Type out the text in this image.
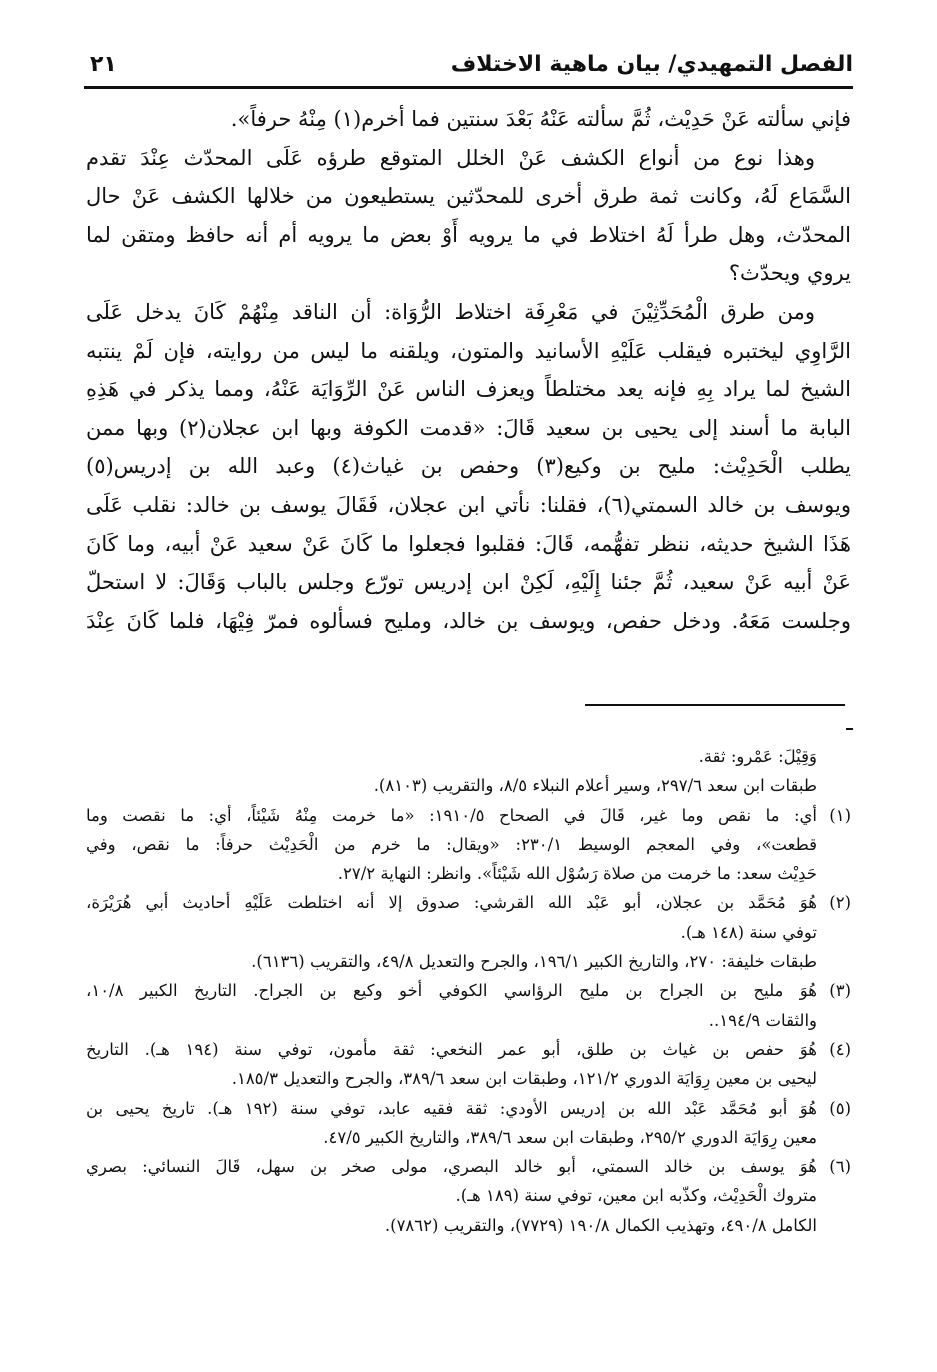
الفصل التمهيدي/ بيان ماهية الاختلاف
٢١
فإني سألته عَنْ حَدِيْث، ثُمَّ سألته عَنْهُ بَعْدَ سنتين فما أخرم(١) مِنْهُ حرفاً».
وهذا نوع من أنواع الكشف عَنْ الخلل المتوقع طرؤه عَلَى المحدّث عِنْدَ تقدم
السَّمَاع لَهُ، وكانت ثمة طرق أخرى للمحدّثين يستطيعون من خلالها الكشف عَنْ حال
المحدّث، وهل طرأ لَهُ اختلاط في ما يرويه أَوْ بعض ما يرويه أم أنه حافظ ومتقن لما
يروي ويحدّث؟
ومن طرق الْمُحَدِّثِيْنَ في مَعْرِفَة اختلاط الرُّوَاة: أن الناقد مِنْهُمْ كَانَ يدخل عَلَى
الرَّاوِي ليختبره فيقلب عَلَيْهِ الأسانيد والمتون، ويلقنه ما ليس من روايته، فإن لَمْ ينتبه
الشيخ لما يراد بِهِ فإنه يعد مختلطاً ويعزف الناس عَنْ الرِّوَايَة عَنْهُ، ومما يذكر في هَذِهِ
البابة ما أسند إلى يحيى بن سعيد قَالَ: «قدمت الكوفة وبها ابن عجلان(٢) وبها ممن
يطلب الْحَدِيْث: مليح بن وكيع(٣) وحفص بن غياث(٤) وعبد الله بن إدريس(٥)
ويوسف بن خالد السمتي(٦)، فقلنا: نأتي ابن عجلان، فَقَالَ يوسف بن خالد: نقلب عَلَى
هَذَا الشيخ حديثه، ننظر تفهُّمه، قَالَ: فقلبوا فجعلوا ما كَانَ عَنْ سعيد عَنْ أبيه، وما كَانَ
عَنْ أبيه عَنْ سعيد، ثُمَّ جئنا إِلَيْهِ، لَكِنْ ابن إدريس تورّع وجلس بالباب وَقَالَ: لا استحلّ
وجلست مَعَهُ. ودخل حفص، ويوسف بن خالد، ومليح فسألوه فمرّ فِيْهَا، فلما كَانَ عِنْدَ
وَقِيْلَ: عَمْرو: ثقة.
طبقات ابن سعد ٢٩٧/٦، وسير أعلام النبلاء ٨/٥، والتقريب (٨١٠٣).
(١)أي: ما نقص وما غير، قَالَ في الصحاح ١٩١٠/٥: «ما خرمت مِنْهُ شَيْئاً، أي: ما نقصت وما
قطعت»، وفي المعجم الوسيط ٢٣٠/١: «ويقال: ما خرم من الْحَدِيْث حرفاً: ما نقص، وفي
حَدِيْث سعد: ما خرمت من صلاة رَسُوْل الله شَيْئاً». وانظر: النهاية ٢٧/٢.
(٢)هُوَ مُحَمَّد بن عجلان، أبو عَبْد الله القرشي: صدوق إلا أنه اختلطت عَلَيْهِ أحاديث أبي هُرَيْرَة،
توفي سنة (١٤٨ هـ).
طبقات خليفة: ٢٧٠، والتاريخ الكبير ١٩٦/١، والجرح والتعديل ٤٩/٨، والتقريب (٦١٣٦).
(٣)هُوَ مليح بن الجراح بن مليح الرؤاسي الكوفي أخو وكيع بن الجراح. التاريخ الكبير ١٠/٨،
والثقات ١٩٤/٩..
(٤)هُوَ حفص بن غياث بن طلق، أبو عمر النخعي: ثقة مأمون، توفي سنة (١٩٤ هـ). التاريخ
ليحيى بن معين رِوَايَة الدوري ١٢١/٢، وطبقات ابن سعد ٣٨٩/٦، والجرح والتعديل ١٨٥/٣.
(٥)هُوَ أبو مُحَمَّد عَبْد الله بن إدريس الأودي: ثقة فقيه عابد، توفي سنة (١٩٢ هـ). تاريخ يحيى بن
معين رِوَايَة الدوري ٢٩٥/٢، وطبقات ابن سعد ٣٨٩/٦، والتاريخ الكبير ٤٧/٥.
(٦)هُوَ يوسف بن خالد السمتي، أبو خالد البصري، مولى صخر بن سهل، قَالَ النسائي: بصري
متروك الْحَدِيْث، وكذّبه ابن معين، توفي سنة (١٨٩ هـ).
الكامل ٤٩٠/٨، وتهذيب الكمال ١٩٠/٨ (٧٧٢٩)، والتقريب (٧٨٦٢).
